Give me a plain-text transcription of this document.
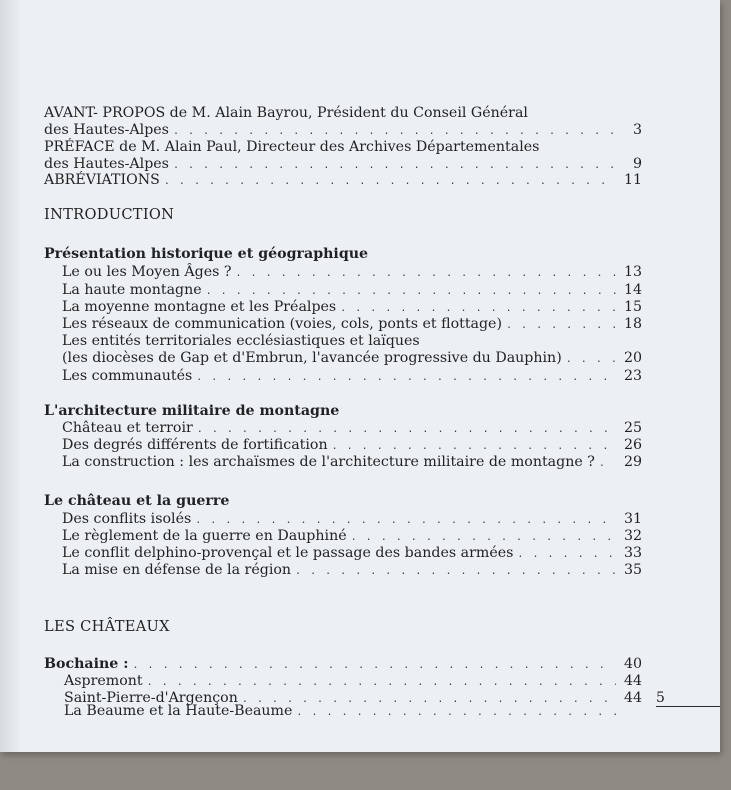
AVANT- PROPOS de M. Alain Bayrou, Président du Conseil Général
des Hautes-Alpes . . .	3
PRÉFACE de M. Alain Paul, Directeur des Archives Départementales
des Hautes-Alpes . . .	9
ABRÉVIATIONS . . .	11
INTRODUCTION
Présentation historique et géographique
Le ou les Moyen Âges ? . . .	13
La haute montagne . . .	14
La moyenne montagne et les Préalpes . . .	15
Les réseaux de communication (voies, cols, ponts et flottage) . . .	18
Les entités territoriales ecclésiastiques et laïques
(les diocèses de Gap et d'Embrun, l'avancée progressive du Dauphin) . . .	20
Les communautés . . .	23
L'architecture militaire de montagne
Château et terroir . . .	25
Des degrés différents de fortification . . .	26
La construction : les archaïsmes de l'architecture militaire de montagne ? . . . 29
Le château et la guerre
Des conflits isolés . . .	31
Le règlement de la guerre en Dauphiné . . .	32
Le conflit delphino-provençal et le passage des bandes armées . . .	33
La mise en défense de la région . . .	35
LES CHÂTEAUX
Bochaine : . . .	40
Aspremont . . .	44
Saint-Pierre-d'Argençon . . .	44
La Beaume et la Haute-Beaume
. . .
5
